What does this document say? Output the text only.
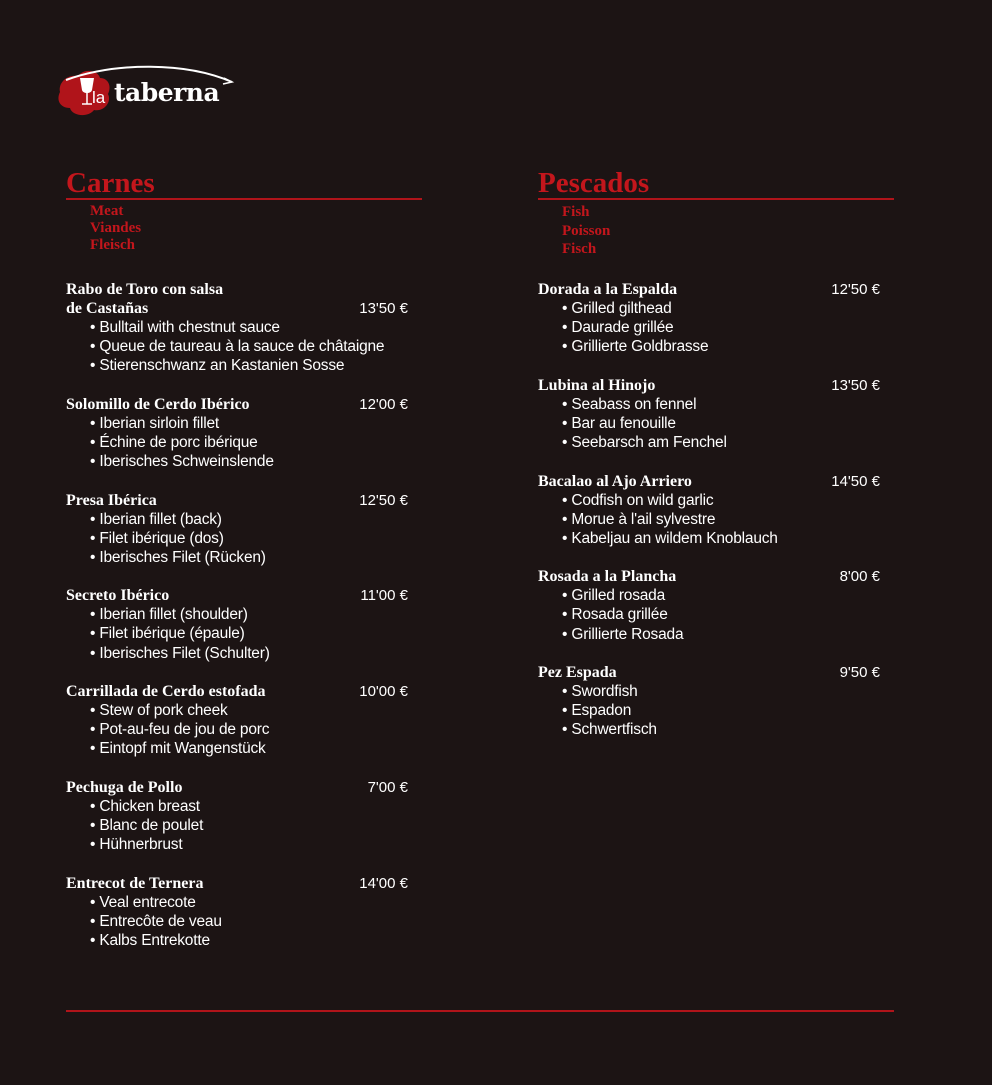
la taberna
Carnes
Meat
Viandes
Fleisch
Rabo de Toro con salsa
de Castañas	13'50 €
• Bulltail with chestnut sauce
• Queue de taureau à la sauce de châtaigne
• Stierenschwanz an Kastanien Sosse
Solomillo de Cerdo Ibérico	12'00 €
• Iberian sirloin fillet
• Échine de porc ibérique
• Iberisches Schweinslende
Presa Ibérica	12'50 €
• Iberian fillet (back)
• Filet ibérique (dos)
• Iberisches Filet (Rücken)
Secreto Ibérico	11'00 €
• Iberian fillet (shoulder)
• Filet ibérique (épaule)
• Iberisches Filet (Schulter)
Carrillada de Cerdo estofada	10'00 €
• Stew of pork cheek
• Pot-au-feu de jou de porc
• Eintopf mit Wangenstück
Pechuga de Pollo	7'00 €
• Chicken breast
• Blanc de poulet
• Hühnerbrust
Entrecot de Ternera	14'00 €
• Veal entrecote
• Entrecôte de veau
• Kalbs Entrekotte
Pescados
Fish
Poisson
Fisch
Dorada a la Espalda	12'50 €
• Grilled gilthead
• Daurade grillée
• Grillierte Goldbrasse
Lubina al Hinojo	13'50 €
• Seabass on fennel
• Bar au fenouille
• Seebarsch am Fenchel
Bacalao al Ajo Arriero	14'50 €
• Codfish on wild garlic
• Morue à l'ail sylvestre
• Kabeljau an wildem Knoblauch
Rosada a la Plancha	8'00 €
• Grilled rosada
• Rosada grillée
• Grillierte Rosada
Pez Espada	9'50 €
• Swordfish
• Espadon
• Schwertfisch
